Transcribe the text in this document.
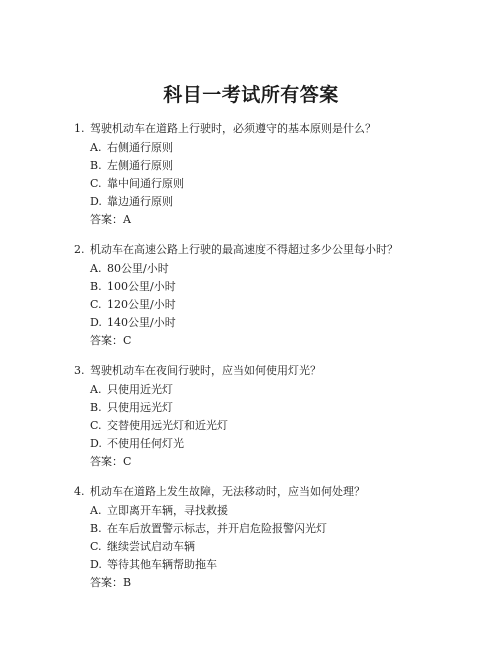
科目一考试所有答案
1. 驾驶机动车在道路上行驶时，必须遵守的基本原则是什么？
A. 右侧通行原则
B. 左侧通行原则
C. 靠中间通行原则
D. 靠边通行原则
答案：A
2. 机动车在高速公路上行驶的最高速度不得超过多少公里每小时？
A. 80公里/小时
B. 100公里/小时
C. 120公里/小时
D. 140公里/小时
答案：C
3. 驾驶机动车在夜间行驶时，应当如何使用灯光？
A. 只使用近光灯
B. 只使用远光灯
C. 交替使用远光灯和近光灯
D. 不使用任何灯光
答案：C
4. 机动车在道路上发生故障，无法移动时，应当如何处理？
A. 立即离开车辆，寻找救援
B. 在车后放置警示标志，并开启危险报警闪光灯
C. 继续尝试启动车辆
D. 等待其他车辆帮助拖车
答案：B
